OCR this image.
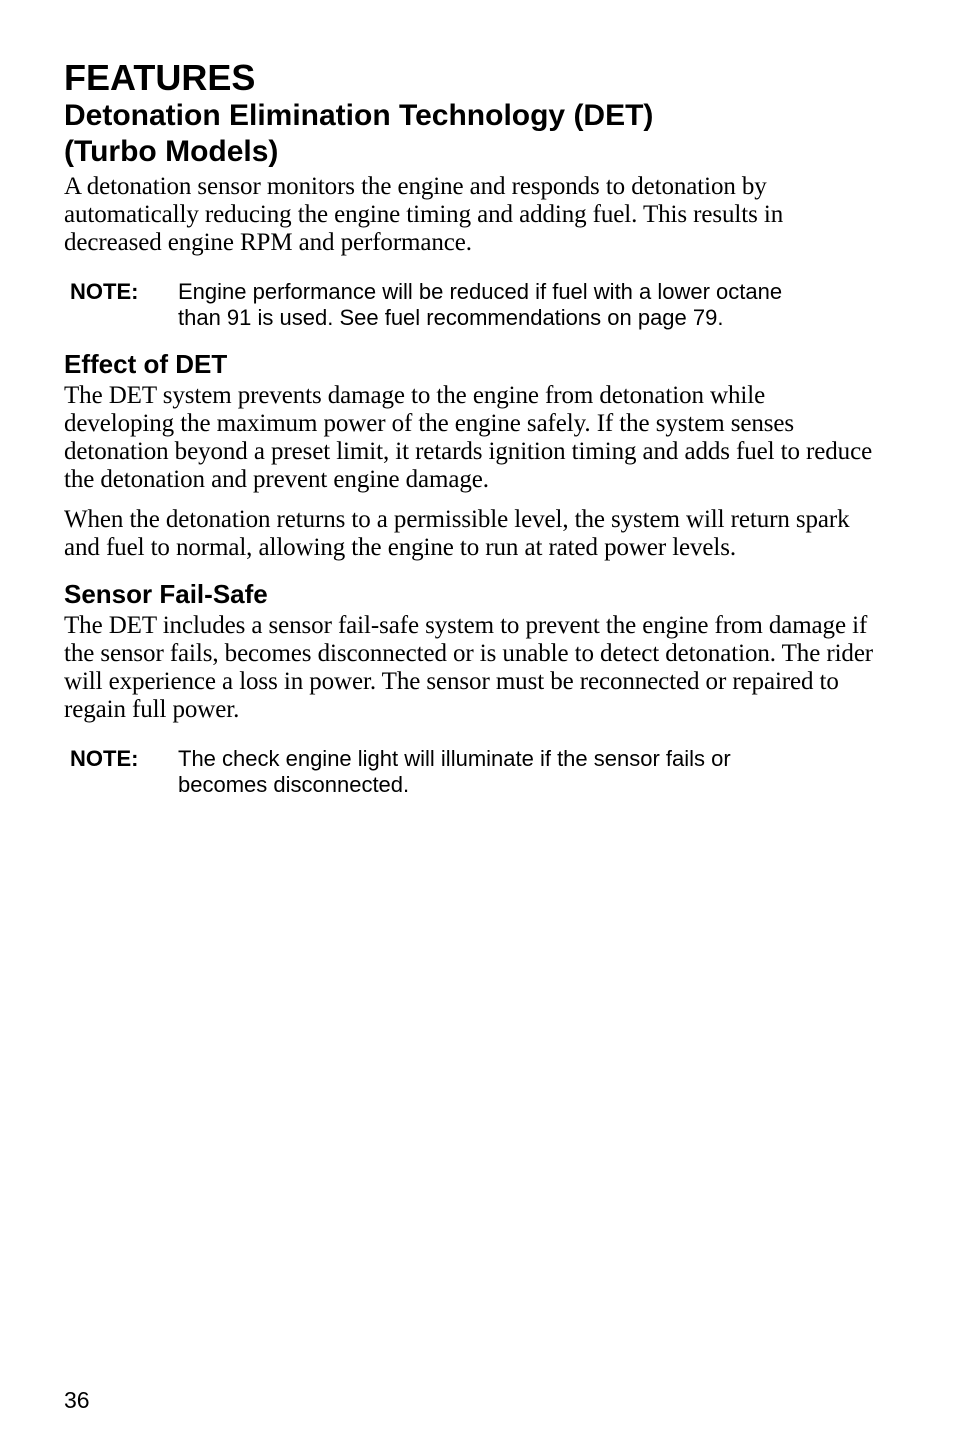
FEATURES
Detonation Elimination Technology (DET)
(Turbo Models)

A detonation sensor monitors the engine and responds to detonation by automatically reducing the engine timing and adding fuel. This results in decreased engine RPM and performance.

NOTE:	Engine performance will be reduced if fuel with a lower octane than 91 is used. See fuel recommendations on page 79.
Effect of DET

The DET system prevents damage to the engine from detonation while developing the maximum power of the engine safely. If the system senses detonation beyond a preset limit, it retards ignition timing and adds fuel to reduce the detonation and prevent engine damage.

When the detonation returns to a permissible level, the system will return spark and fuel to normal, allowing the engine to run at rated power levels.

Sensor Fail-Safe

The DET includes a sensor fail-safe system to prevent the engine from damage if the sensor fails, becomes disconnected or is unable to detect detonation. The rider will experience a loss in power. The sensor must be reconnected or repaired to regain full power.

NOTE:	The check engine light will illuminate if the sensor fails or becomes disconnected.
36
